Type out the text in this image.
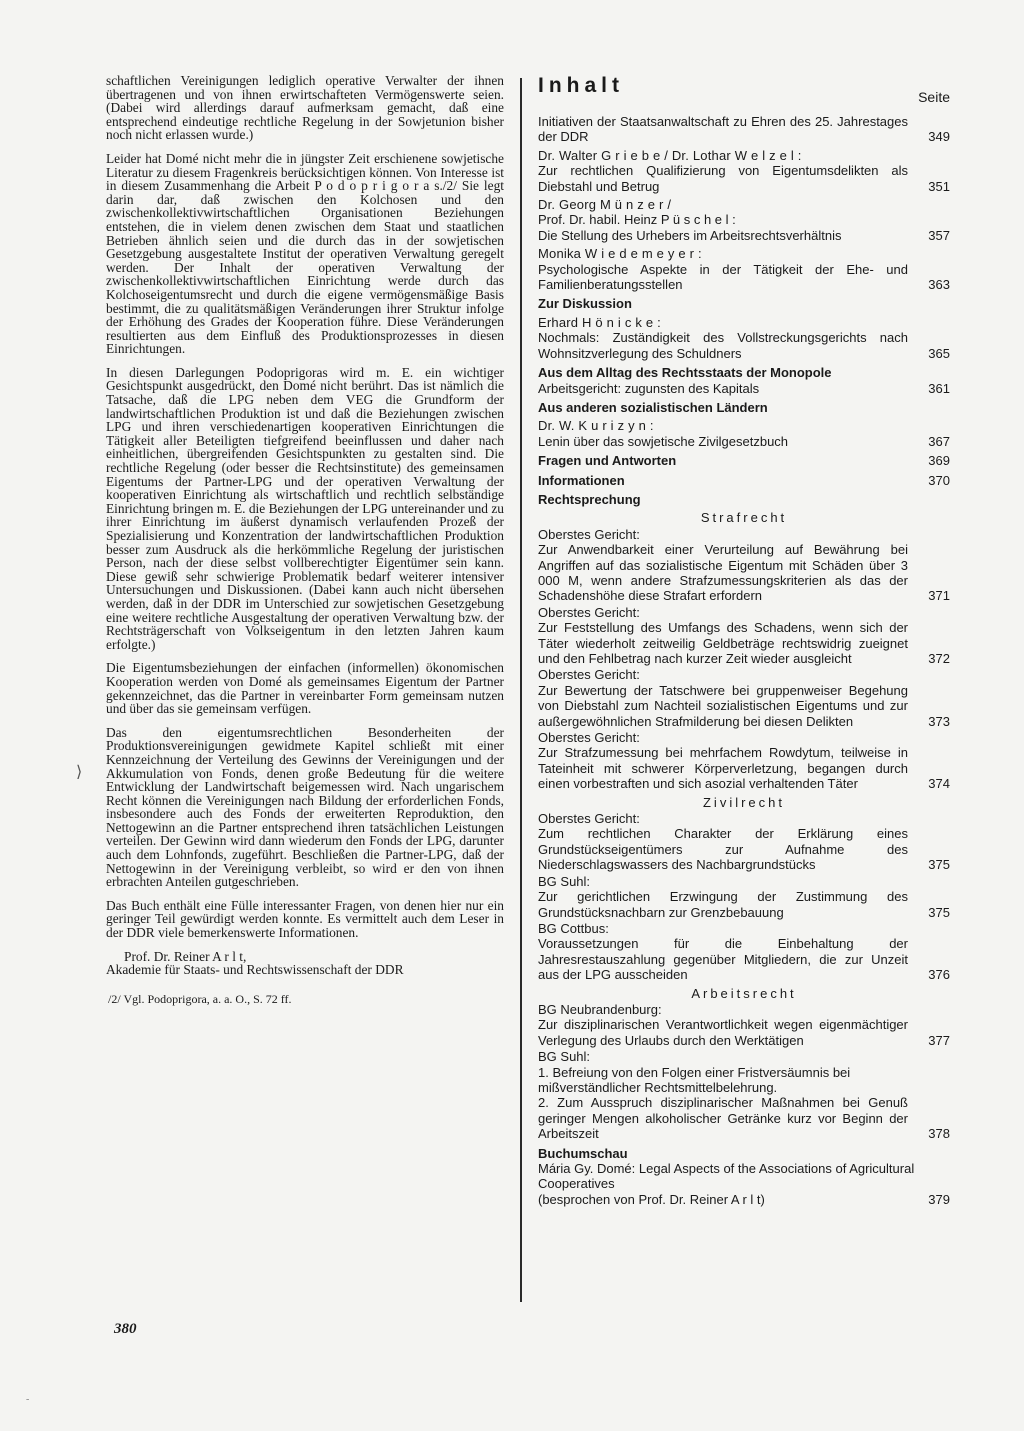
⟩
-

schaftlichen Vereinigungen lediglich operative Verwalter der ihnen übertragenen und von ihnen erwirtschafteten Vermögenswerte seien. (Dabei wird allerdings darauf aufmerksam gemacht, daß eine entsprechend eindeutige rechtliche Regelung in der Sowjetunion bisher noch nicht erlassen wurde.)

Leider hat Domé nicht mehr die in jüngster Zeit erschienene sowjetische Literatur zu diesem Fragenkreis berücksichtigen können. Von Interesse ist in diesem Zusammenhang die Arbeit P o d o p r i g o r a s./2/ Sie legt darin dar, daß zwischen den Kolchosen und den zwischenkollektivwirtschaftlichen Organisationen Beziehungen entstehen, die in vielem denen zwischen dem Staat und staatlichen Betrieben ähnlich seien und die durch das in der sowjetischen Gesetzgebung ausgestaltete Institut der operativen Verwaltung geregelt werden. Der Inhalt der operativen Verwaltung der zwischenkollektivwirtschaftlichen Einrichtung werde durch das Kolchoseigentumsrecht und durch die eigene vermögensmäßige Basis bestimmt, die zu qualitätsmäßigen Veränderungen ihrer Struktur infolge der Erhöhung des Grades der Kooperation führe. Diese Veränderungen resultierten aus dem Einfluß des Produktionsprozesses in diesen Einrichtungen.

In diesen Darlegungen Podoprigoras wird m. E. ein wichtiger Gesichtspunkt ausgedrückt, den Domé nicht berührt. Das ist nämlich die Tatsache, daß die LPG neben dem VEG die Grundform der landwirtschaftlichen Produktion ist und daß die Beziehungen zwischen LPG und ihren verschiedenartigen kooperativen Einrichtungen die Tätigkeit aller Beteiligten tiefgreifend beeinflussen und daher nach einheitlichen, übergreifenden Gesichtspunkten zu gestalten sind. Die rechtliche Regelung (oder besser die Rechtsinstitute) des gemeinsamen Eigentums der Partner-LPG und der operativen Verwaltung der kooperativen Einrichtung als wirtschaftlich und rechtlich selbständige Einrichtung bringen m. E. die Beziehungen der LPG untereinander und zu ihrer Einrichtung im äußerst dynamisch verlaufenden Prozeß der Spezialisierung und Konzentration der landwirtschaftlichen Produktion besser zum Ausdruck als die herkömmliche Regelung der juristischen Person, nach der diese selbst vollberechtigter Eigentümer sein kann. Diese gewiß sehr schwierige Problematik bedarf weiterer intensiver Untersuchungen und Diskussionen. (Dabei kann auch nicht übersehen werden, daß in der DDR im Unterschied zur sowjetischen Gesetzgebung eine weitere rechtliche Ausgestaltung der operativen Verwaltung bzw. der Rechtsträgerschaft von Volkseigentum in den letzten Jahren kaum erfolgte.)

Die Eigentumsbeziehungen der einfachen (informellen) ökonomischen Kooperation werden von Domé als gemeinsames Eigentum der Partner gekennzeichnet, das die Partner in vereinbarter Form gemeinsam nutzen und über das sie gemeinsam verfügen.

Das den eigentumsrechtlichen Besonderheiten der Produktionsvereinigungen gewidmete Kapitel schließt mit einer Kennzeichnung der Verteilung des Gewinns der Vereinigungen und der Akkumulation von Fonds, denen große Bedeutung für die weitere Entwicklung der Landwirtschaft beigemessen wird. Nach ungarischem Recht können die Vereinigungen nach Bildung der erforderlichen Fonds, insbesondere auch des Fonds der erweiterten Reproduktion, den Nettogewinn an die Partner entsprechend ihren tatsächlichen Leistungen verteilen. Der Gewinn wird dann wiederum den Fonds der LPG, darunter auch dem Lohnfonds, zugeführt. Beschließen die Partner-LPG, daß der Nettogewinn in der Vereinigung verbleibt, so wird er den von ihnen erbrachten Anteilen gutgeschrieben.

Das Buch enthält eine Fülle interessanter Fragen, von denen hier nur ein geringer Teil gewürdigt werden konnte. Es vermittelt auch dem Leser in der DDR viele bemerkenswerte Informationen.

Prof. Dr. Reiner A r l t,
Akademie für Staats- und Rechtswissenschaft der DDR
/2/ Vgl. Podoprigora, a. a. O., S. 72 ff.
380
Inhalt	Seite
Initiativen der Staatsanwaltschaft zu Ehren des 25. Jahrestages der DDR	349
Dr. Walter G r i e b e / Dr. Lothar W e l z e l :
Zur rechtlichen Qualifizierung von Eigentumsdelikten als Diebstahl und Betrug	351
Dr. Georg M ü n z e r /
Prof. Dr. habil. Heinz P ü s c h e l :
Die Stellung des Urhebers im Arbeitsrechtsverhältnis	357
Monika W i e d e m e y e r :
Psychologische Aspekte in der Tätigkeit der Ehe- und Familienberatungsstellen	363
Zur Diskussion
Erhard H ö n i c k e :
Nochmals: Zuständigkeit des Vollstreckungsgerichts nach Wohnsitzverlegung des Schuldners	365
Aus dem Alltag des Rechtsstaats der Monopole
Arbeitsgericht: zugunsten des Kapitals	361
Aus anderen sozialistischen Ländern
Dr. W. K u r i z y n :
Lenin über das sowjetische Zivilgesetzbuch	367
Fragen und Antworten	369
Informationen	370
Rechtsprechung
Strafrecht
Oberstes Gericht:
Zur Anwendbarkeit einer Verurteilung auf Bewährung bei Angriffen auf das sozialistische Eigentum mit Schäden über 3 000 M, wenn andere Strafzumessungskriterien als das der Schadenshöhe diese Strafart erfordern	371
Oberstes Gericht:
Zur Feststellung des Umfangs des Schadens, wenn sich der Täter wiederholt zeitweilig Geldbeträge rechtswidrig zueignet und den Fehlbetrag nach kurzer Zeit wieder ausgleicht	372
Oberstes Gericht:
Zur Bewertung der Tatschwere bei gruppenweiser Begehung von Diebstahl zum Nachteil sozialistischen Eigentums und zur außergewöhnlichen Strafmilderung bei diesen Delikten	373
Oberstes Gericht:
Zur Strafzumessung bei mehrfachem Rowdytum, teilweise in Tateinheit mit schwerer Körperverletzung, begangen durch einen vorbestraften und sich asozial verhaltenden Täter	374
Zivilrecht
Oberstes Gericht:
Zum rechtlichen Charakter der Erklärung eines Grundstückseigentümers zur Aufnahme des Niederschlagswassers des Nachbargrundstücks	375
BG Suhl:
Zur gerichtlichen Erzwingung der Zustimmung des Grundstücksnachbarn zur Grenzbebauung	375
BG Cottbus:
Voraussetzungen für die Einbehaltung der Jahresrestauszahlung gegenüber Mitgliedern, die zur Unzeit aus der LPG ausscheiden	376
Arbeitsrecht
BG Neubrandenburg:
Zur disziplinarischen Verantwortlichkeit wegen eigenmächtiger Verlegung des Urlaubs durch den Werktätigen	377
BG Suhl:
1. Befreiung von den Folgen einer Fristversäumnis bei mißverständlicher Rechtsmittelbelehrung.
2. Zum Ausspruch disziplinarischer Maßnahmen bei Genuß geringer Mengen alkoholischer Getränke kurz vor Beginn der Arbeitszeit	378
Buchumschau
Mária Gy. Domé: Legal Aspects of the Associations of Agricultural Cooperatives
(besprochen von Prof. Dr. Reiner A r l t)	379
